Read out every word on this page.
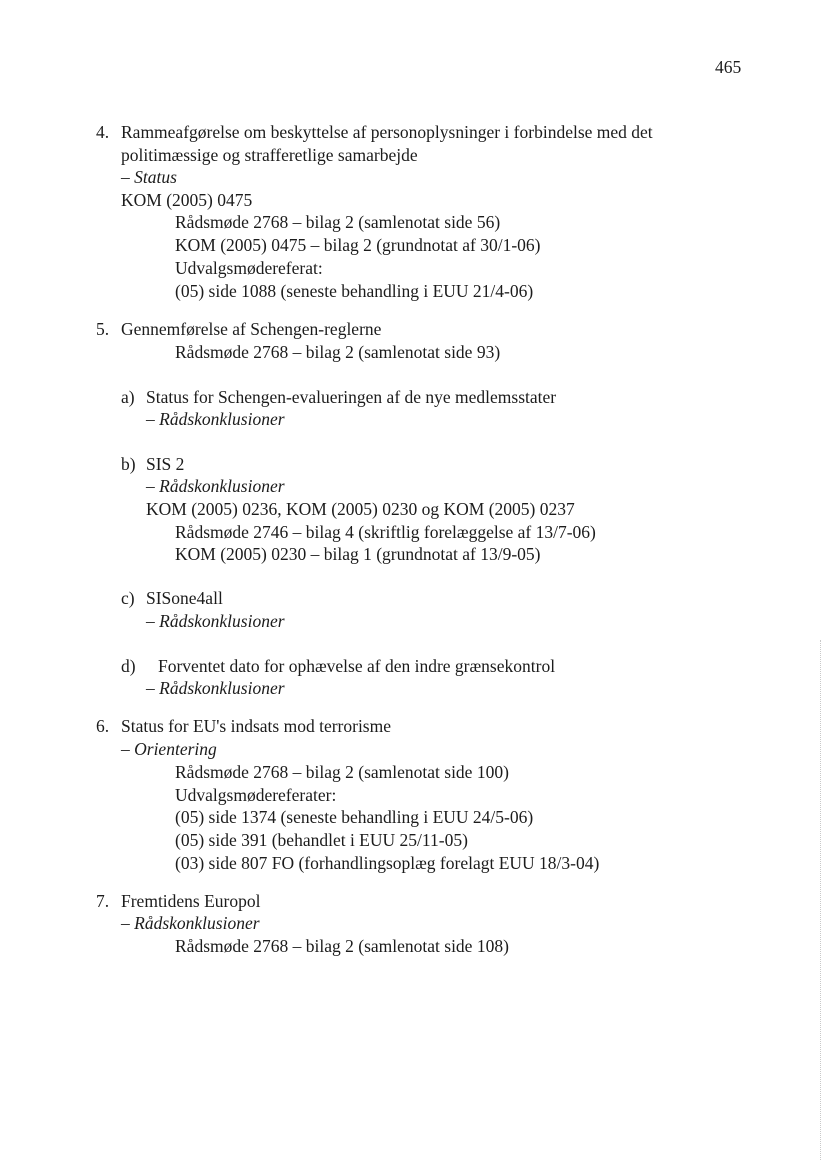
465
4. Rammeafgørelse om beskyttelse af personoplysninger i forbindelse med det
politimæssige og strafferetlige samarbejde
– Status
KOM (2005) 0475
Rådsmøde 2768 – bilag 2 (samlenotat side 56)
KOM (2005) 0475 – bilag 2 (grundnotat af 30/1-06)
Udvalgsmødereferat:
(05) side 1088 (seneste behandling i EUU 21/4-06)
5. Gennemførelse af Schengen-reglerne
Rådsmøde 2768 – bilag 2 (samlenotat side 93)
a) Status for Schengen-evalueringen af de nye medlemsstater
– Rådskonklusioner
b) SIS 2
– Rådskonklusioner
KOM (2005) 0236, KOM (2005) 0230 og KOM (2005) 0237
Rådsmøde 2746 – bilag 4 (skriftlig forelæggelse af 13/7-06)
KOM (2005) 0230 – bilag 1 (grundnotat af 13/9-05)
c) SISone4all
– Rådskonklusioner
d) Forventet dato for ophævelse af den indre grænsekontrol
– Rådskonklusioner
6. Status for EU's indsats mod terrorisme
– Orientering
Rådsmøde 2768 – bilag 2 (samlenotat side 100)
Udvalgsmødereferater:
(05) side 1374 (seneste behandling i EUU 24/5-06)
(05) side 391 (behandlet i EUU 25/11-05)
(03) side 807 FO (forhandlingsoplæg forelagt EUU 18/3-04)
7. Fremtidens Europol
– Rådskonklusioner
Rådsmøde 2768 – bilag 2 (samlenotat side 108)
